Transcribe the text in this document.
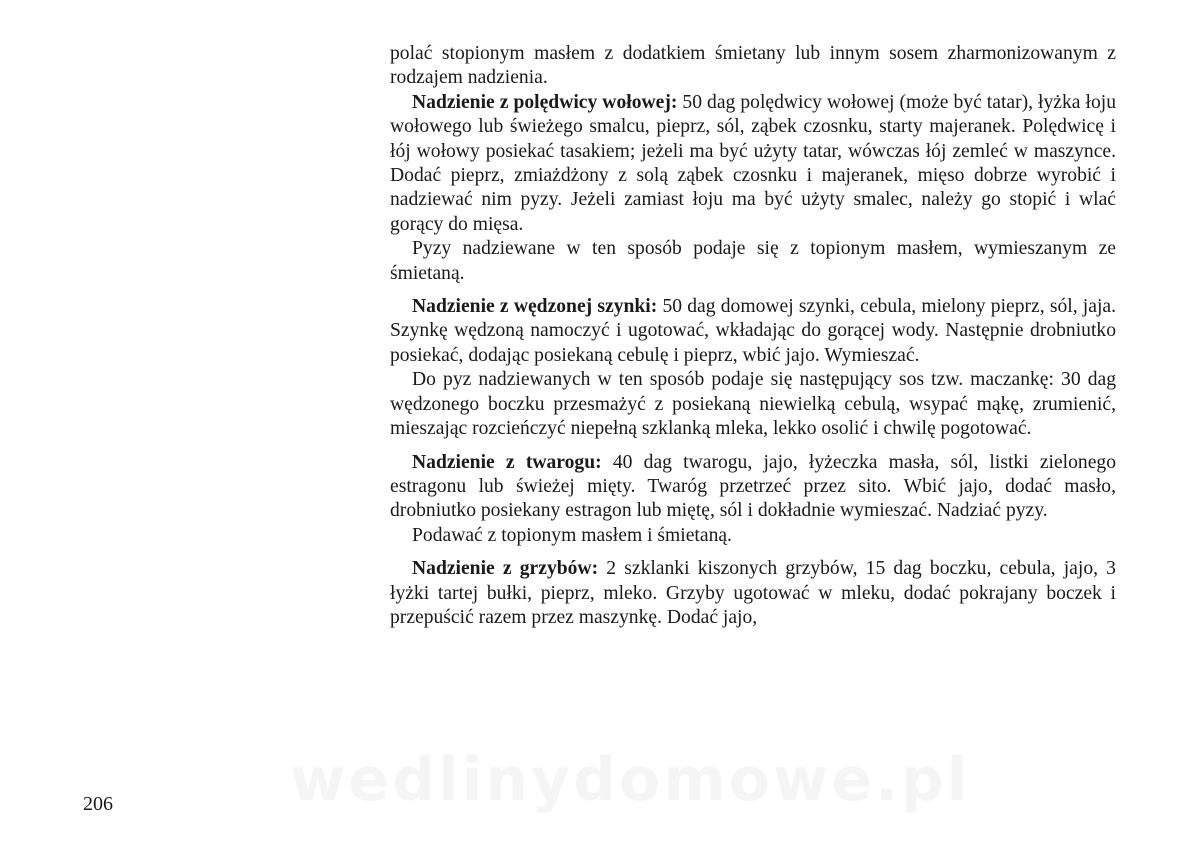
polać stopionym masłem z dodatkiem śmietany lub innym sosem zharmonizowanym z rodzajem nadzienia.

Nadzienie z polędwicy wołowej: 50 dag polędwicy wołowej (może być tatar), łyżka łoju wołowego lub świeżego smalcu, pieprz, sól, ząbek czosnku, starty majeranek. Polędwicę i łój wołowy posiekać tasakiem; jeżeli ma być użyty tatar, wówczas łój zemleć w maszynce. Dodać pieprz, zmiażdżony z solą ząbek czosnku i majeranek, mięso dobrze wyrobić i nadziewać nim pyzy. Jeżeli zamiast łoju ma być użyty smalec, należy go stopić i wlać gorący do mięsa.

Pyzy nadziewane w ten sposób podaje się z topionym masłem, wymieszanym ze śmietaną.

Nadzienie z wędzonej szynki: 50 dag domowej szynki, cebula, mielony pieprz, sól, jaja. Szynkę wędzoną namoczyć i ugotować, wkładając do gorącej wody. Następnie drobniutko posiekać, dodając posiekaną cebulę i pieprz, wbić jajo. Wymieszać.

Do pyz nadziewanych w ten sposób podaje się następujący sos tzw. maczankę: 30 dag wędzonego boczku przesmażyć z posiekaną niewielką cebulą, wsypać mąkę, zrumienić, mieszając rozcieńczyć niepełną szklanką mleka, lekko osolić i chwilę pogotować.

Nadzienie z twarogu: 40 dag twarogu, jajo, łyżeczka masła, sól, listki zielonego estragonu lub świeżej mięty. Twaróg przetrzeć przez sito. Wbić jajo, dodać masło, drobniutko posiekany estragon lub miętę, sól i dokładnie wymieszać. Nadziać pyzy.

Podawać z topionym masłem i śmietaną.

Nadzienie z grzybów: 2 szklanki kiszonych grzybów, 15 dag boczku, cebula, jajo, 3 łyżki tartej bułki, pieprz, mleko. Grzyby ugotować w mleku, dodać pokrajany boczek i przepuścić razem przez maszynkę. Dodać jajo,

wedlinydomowe.pl
206
